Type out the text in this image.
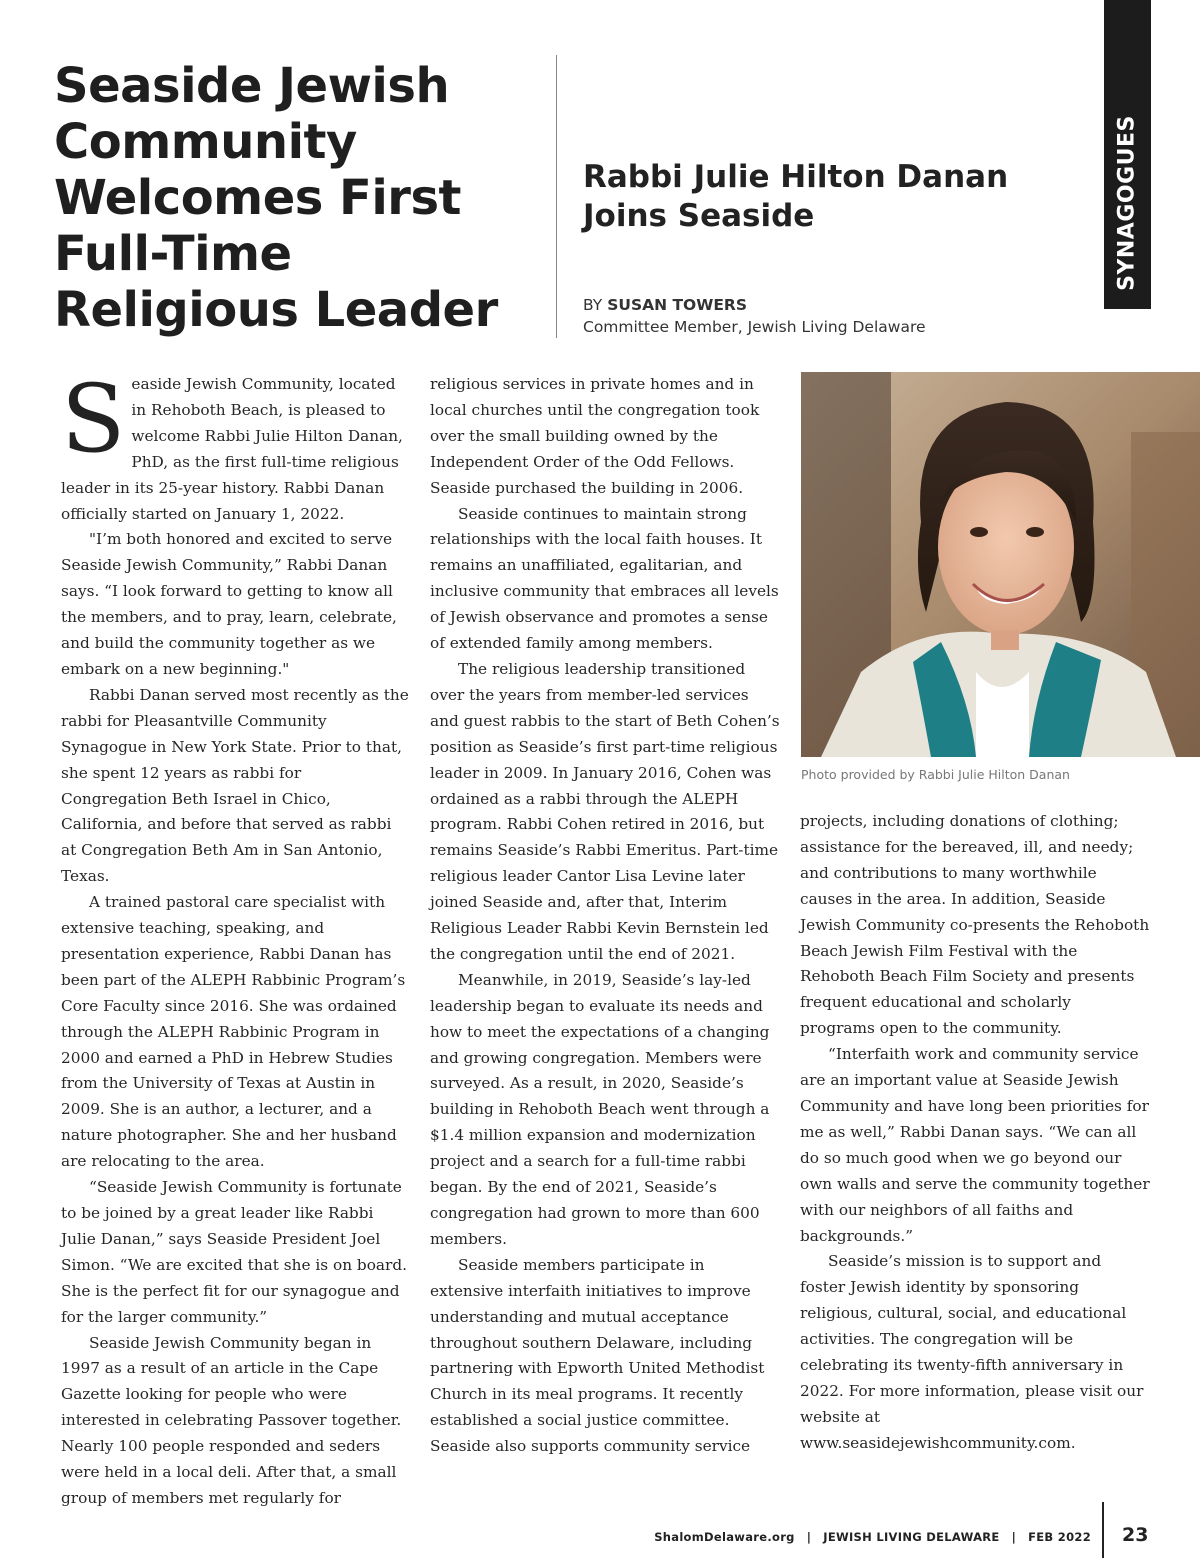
Seaside Jewish Community Welcomes First Full-Time Religious Leader
Rabbi Julie Hilton Danan Joins Seaside
BY SUSAN TOWERS
Committee Member, Jewish Living Delaware
SYNAGOGUES

Seaside Jewish Community, located in Rehoboth Beach, is pleased to welcome Rabbi Julie Hilton Danan, PhD, as the first full-time religious leader in its 25-year history. Rabbi Danan officially started on January 1, 2022.

"I’m both honored and excited to serve Seaside Jewish Community,” Rabbi Danan says. “I look forward to getting to know all the members, and to pray, learn, celebrate, and build the community together as we embark on a new beginning."

Rabbi Danan served most recently as the rabbi for Pleasantville Community Synagogue in New York State. Prior to that, she spent 12 years as rabbi for Congregation Beth Israel in Chico, California, and before that served as rabbi at Congregation Beth Am in San Antonio, Texas.

A trained pastoral care specialist with extensive teaching, speaking, and presentation experience, Rabbi Danan has been part of the ALEPH Rabbinic Program’s Core Faculty since 2016. She was ordained through the ALEPH Rabbinic Program in 2000 and earned a PhD in Hebrew Studies from the University of Texas at Austin in 2009. She is an author, a lecturer, and a nature photographer. She and her husband are relocating to the area.

“Seaside Jewish Community is fortunate to be joined by a great leader like Rabbi Julie Danan,” says Seaside President Joel Simon. “We are excited that she is on board. She is the perfect fit for our synagogue and for the larger community.”

Seaside Jewish Community began in 1997 as a result of an article in the Cape Gazette looking for people who were interested in celebrating Passover together. Nearly 100 people responded and seders were held in a local deli. After that, a small group of members met regularly for

religious services in private homes and in local churches until the congregation took over the small building owned by the Independent Order of the Odd Fellows. Seaside purchased the building in 2006.

Seaside continues to maintain strong relationships with the local faith houses. It remains an unaffiliated, egalitarian, and inclusive community that embraces all levels of Jewish observance and promotes a sense of extended family among members.

The religious leadership transitioned over the years from member-led services and guest rabbis to the start of Beth Cohen’s position as Seaside’s first part-time religious leader in 2009. In January 2016, Cohen was ordained as a rabbi through the ALEPH program. Rabbi Cohen retired in 2016, but remains Seaside’s Rabbi Emeritus. Part-time religious leader Cantor Lisa Levine later joined Seaside and, after that, Interim Religious Leader Rabbi Kevin Bernstein led the congregation until the end of 2021.

Meanwhile, in 2019, Seaside’s lay-led leadership began to evaluate its needs and how to meet the expectations of a changing and growing congregation. Members were surveyed. As a result, in 2020, Seaside’s building in Rehoboth Beach went through a $1.4 million expansion and modernization project and a search for a full-time rabbi began. By the end of 2021, Seaside’s congregation had grown to more than 600 members.

Seaside members participate in extensive interfaith initiatives to improve understanding and mutual acceptance throughout southern Delaware, including partnering with Epworth United Methodist Church in its meal programs. It recently established a social justice committee. Seaside also supports community service

Photo provided by Rabbi Julie Hilton Danan

projects, including donations of clothing; assistance for the bereaved, ill, and needy; and contributions to many worthwhile causes in the area. In addition, Seaside Jewish Community co-presents the Rehoboth Beach Jewish Film Festival with the Rehoboth Beach Film Society and presents frequent educational and scholarly programs open to the community.

“Interfaith work and community service are an important value at Seaside Jewish Community and have long been priorities for me as well,” Rabbi Danan says. “We can all do so much good when we go beyond our own walls and serve the community together with our neighbors of all faiths and backgrounds.”

Seaside’s mission is to support and foster Jewish identity by sponsoring religious, cultural, social, and educational activities. The congregation will be celebrating its twenty-fifth anniversary in 2022. For more information, please visit our website at www.seasidejewishcommunity.com.

ShalomDelaware.org | JEWISH LIVING DELAWARE | FEB 2022 23
